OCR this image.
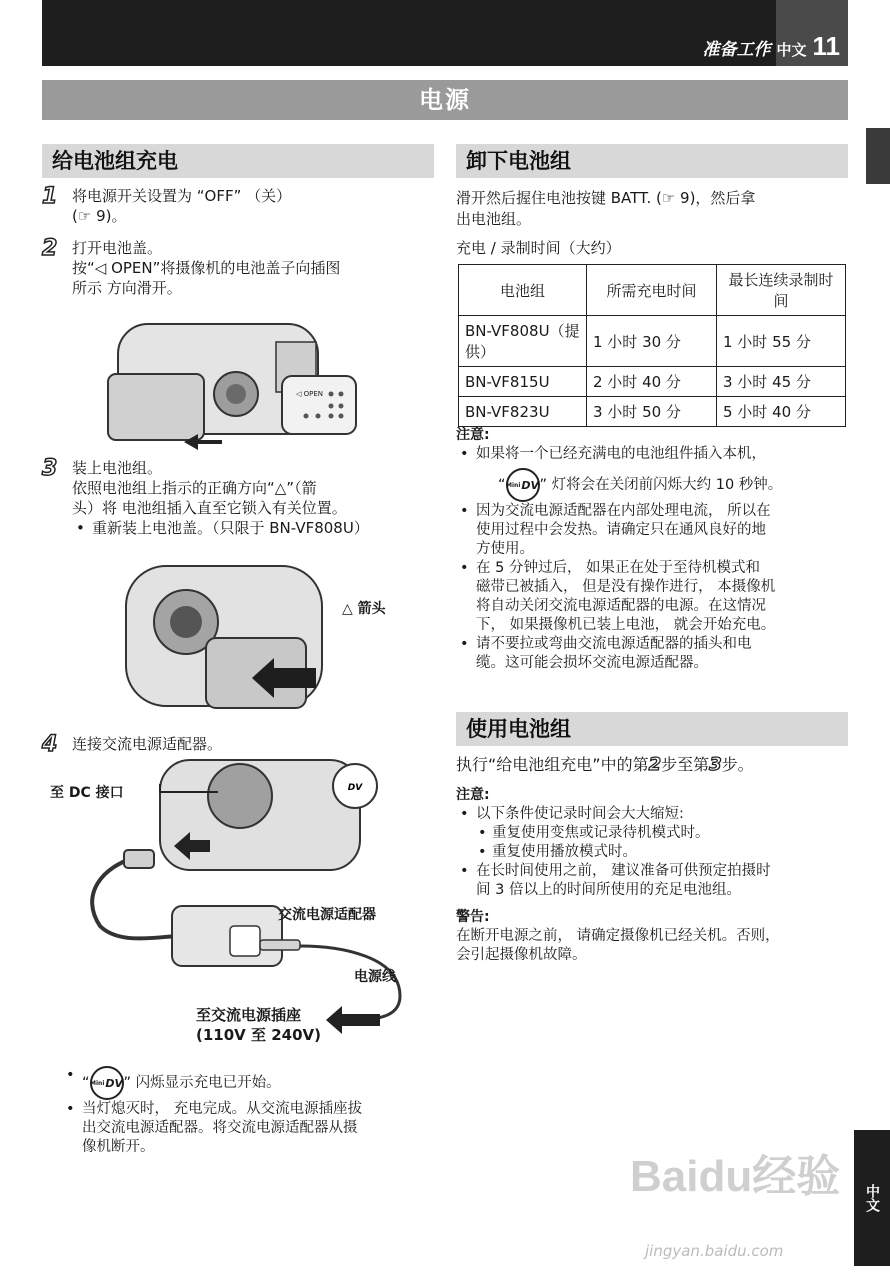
准备工作 中文 11
电源
给电池组充电
1 将电源开关设置为 “OFF” （关）
(☞ 9)。
2 打开电池盖。
按“◁ OPEN”将摄像机的电池盖子向插图
所示 方向滑开。
◁ OPEN
3 装上电池组。
依照电池组上指示的正确方向“△”（箭
头）将 电池组插入直至它锁入有关位置。
• 重新装上电池盖。（只限于 BN-VF808U）
△ 箭头
4 连接交流电源适配器。
DV
至 DC 接口
交流电源适配器
电源线
至交流电源插座
(110V 至 240V)
• “ Mini DV ” 闪烁显示充电已开始。
• 当灯熄灭时， 充电完成。从交流电源插座拔
出交流电源适配器。将交流电源适配器从摄
像机断开。
卸下电池组
滑开然后握住电池按键 BATT. (☞ 9)，然后拿
出电池组。
充电 / 录制时间（大约）
电池组	所需充电时间	最长连续录制时间
BN-VF808U（提供）	1 小时 30 分	1 小时 55 分
BN-VF815U	2 小时 40 分	3 小时 45 分
BN-VF823U	3 小时 50 分	5 小时 40 分
注意:
• 如果将一个已经充满电的电池组件插入本机，
“ Mini DV ” 灯将会在关闭前闪烁大约 10 秒钟。
• 因为交流电源适配器在内部处理电流， 所以在
使用过程中会发热。请确定只在通风良好的地
方使用。
• 在 5 分钟过后， 如果正在处于至待机模式和
磁带已被插入， 但是没有操作进行， 本摄像机
将自动关闭交流电源适配器的电源。在这情况
下， 如果摄像机已装上电池， 就会开始充电。
• 请不要拉或弯曲交流电源适配器的插头和电
缆。这可能会损坏交流电源适配器。
使用电池组
执行“给电池组充电”中的第2步至第3步。
注意:
• 以下条件使记录时间会大大缩短:
• 重复使用变焦或记录待机模式时。
• 重复使用播放模式时。
• 在长时间使用之前， 建议准备可供预定拍摄时
间 3 倍以上的时间所使用的充足电池组。
警告:
在断开电源之前， 请确定摄像机已经关机。否则，
会引起摄像机故障。
中文
Baidu经验
jingyan.baidu.com
